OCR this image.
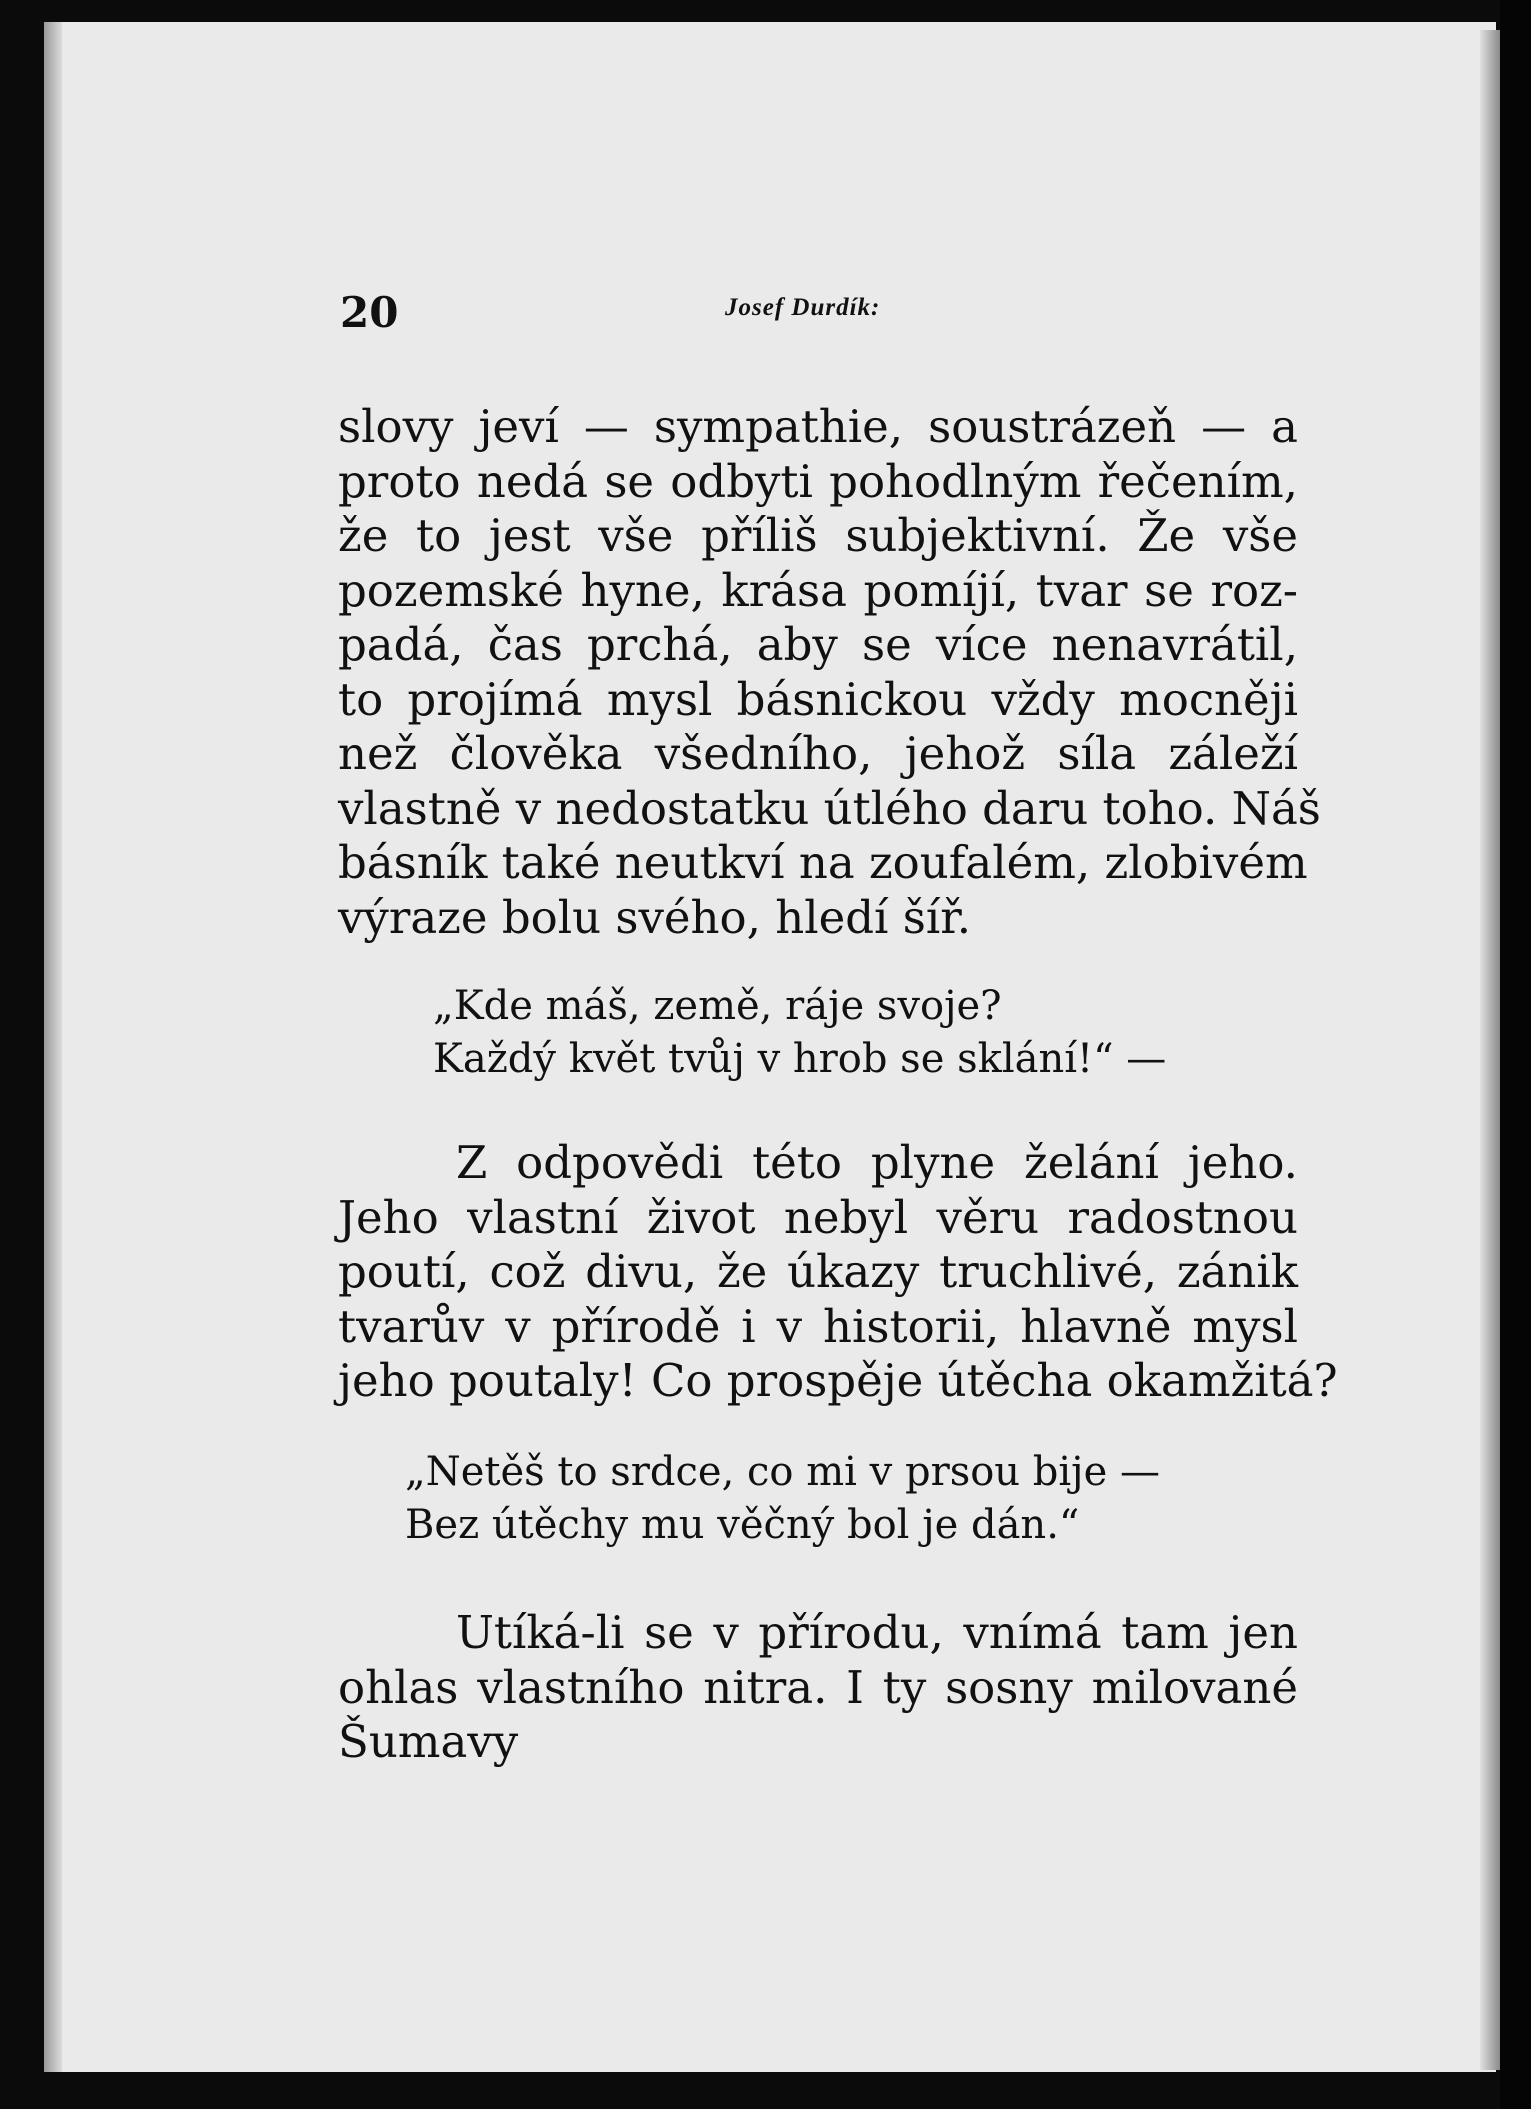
20	Josef Durdík:
slovy jeví — sympathie, soustrázeň — a
proto nedá se odbyti pohodlným řečením,
že to jest vše příliš subjektivní. Že vše
pozemské hyne, krása pomíjí, tvar se roz-
padá, čas prchá, aby se více nenavrátil,
to projímá mysl básnickou vždy mocněji
než člověka všedního, jehož síla záleží
vlastně v nedostatku útlého daru toho. Náš
básník také neutkví na zoufalém, zlobivém
výraze bolu svého, hledí šíř.
„Kde máš, země, ráje svoje?
Každý květ tvůj v hrob se sklání!“ —
Z odpovědi této plyne želání jeho.
Jeho vlastní život nebyl věru radostnou
poutí, což divu, že úkazy truchlivé, zánik
tvarův v přírodě i v historii, hlavně mysl
jeho poutaly! Co prospěje útěcha okamžitá?
„Netěš to srdce, co mi v prsou bije —
Bez útěchy mu věčný bol je dán.“
Utíká-li se v přírodu, vnímá tam jen
ohlas vlastního nitra. I ty sosny milované
Šumavy
